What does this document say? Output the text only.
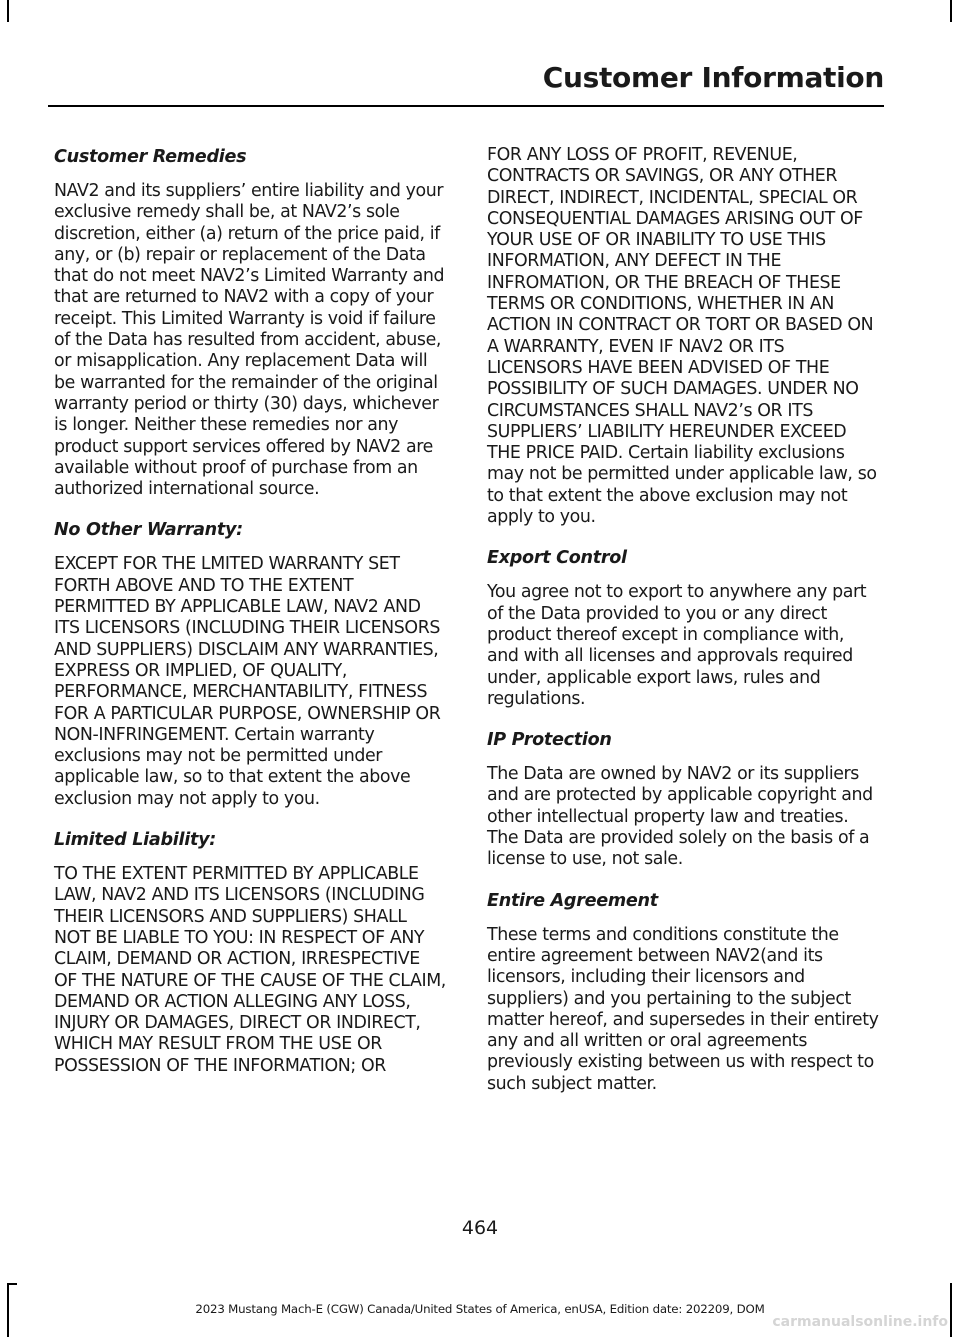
Customer Information
Customer Remedies

NAV2 and its suppliers’ entire liability and your exclusive remedy shall be, at NAV2’s sole discretion, either (a) return of the price paid, if any, or (b) repair or replacement of the Data that do not meet NAV2’s Limited Warranty and that are returned to NAV2 with a copy of your receipt. This Limited Warranty is void if failure of the Data has resulted from accident, abuse, or misapplication. Any replacement Data will be warranted for the remainder of the original warranty period or thirty (30) days, whichever is longer. Neither these remedies nor any product support services offered by NAV2 are available without proof of purchase from an authorized international source.

No Other Warranty:

EXCEPT FOR THE LMITED WARRANTY SET FORTH ABOVE AND TO THE EXTENT PERMITTED BY APPLICABLE LAW, NAV2 AND ITS LICENSORS (INCLUDING THEIR LICENSORS AND SUPPLIERS) DISCLAIM ANY WARRANTIES, EXPRESS OR IMPLIED, OF QUALITY, PERFORMANCE, MERCHANTABILITY, FITNESS FOR A PARTICULAR PURPOSE, OWNERSHIP OR NON-INFRINGEMENT. Certain warranty exclusions may not be permitted under applicable law, so to that extent the above exclusion may not apply to you.

Limited Liability:

TO THE EXTENT PERMITTED BY APPLICABLE LAW, NAV2 AND ITS LICENSORS (INCLUDING THEIR LICENSORS AND SUPPLIERS) SHALL NOT BE LIABLE TO YOU: IN RESPECT OF ANY CLAIM, DEMAND OR ACTION, IRRESPECTIVE OF THE NATURE OF THE CAUSE OF THE CLAIM, DEMAND OR ACTION ALLEGING ANY LOSS, INJURY OR DAMAGES, DIRECT OR INDIRECT, WHICH MAY RESULT FROM THE USE OR POSSESSION OF THE INFORMATION; OR

FOR ANY LOSS OF PROFIT, REVENUE, CONTRACTS OR SAVINGS, OR ANY OTHER DIRECT, INDIRECT, INCIDENTAL, SPECIAL OR CONSEQUENTIAL DAMAGES ARISING OUT OF YOUR USE OF OR INABILITY TO USE THIS INFORMATION, ANY DEFECT IN THE INFROMATION, OR THE BREACH OF THESE TERMS OR CONDITIONS, WHETHER IN AN ACTION IN CONTRACT OR TORT OR BASED ON A WARRANTY, EVEN IF NAV2 OR ITS LICENSORS HAVE BEEN ADVISED OF THE POSSIBILITY OF SUCH DAMAGES. UNDER NO CIRCUMSTANCES SHALL NAV2’s OR ITS SUPPLIERS’ LIABILITY HEREUNDER EXCEED THE PRICE PAID. Certain liability exclusions may not be permitted under applicable law, so to that extent the above exclusion may not apply to you.

Export Control

You agree not to export to anywhere any part of the Data provided to you or any direct product thereof except in compliance with, and with all licenses and approvals required under, applicable export laws, rules and regulations.

IP Protection

The Data are owned by NAV2 or its suppliers and are protected by applicable copyright and other intellectual property law and treaties. The Data are provided solely on the basis of a license to use, not sale.

Entire Agreement

These terms and conditions constitute the entire agreement between NAV2(and its licensors, including their licensors and suppliers) and you pertaining to the subject matter hereof, and supersedes in their entirety any and all written or oral agreements previously existing between us with respect to such subject matter.

464
2023 Mustang Mach-E (CGW) Canada/United States of America, enUSA, Edition date: 202209, DOM
carmanualsonline.info
